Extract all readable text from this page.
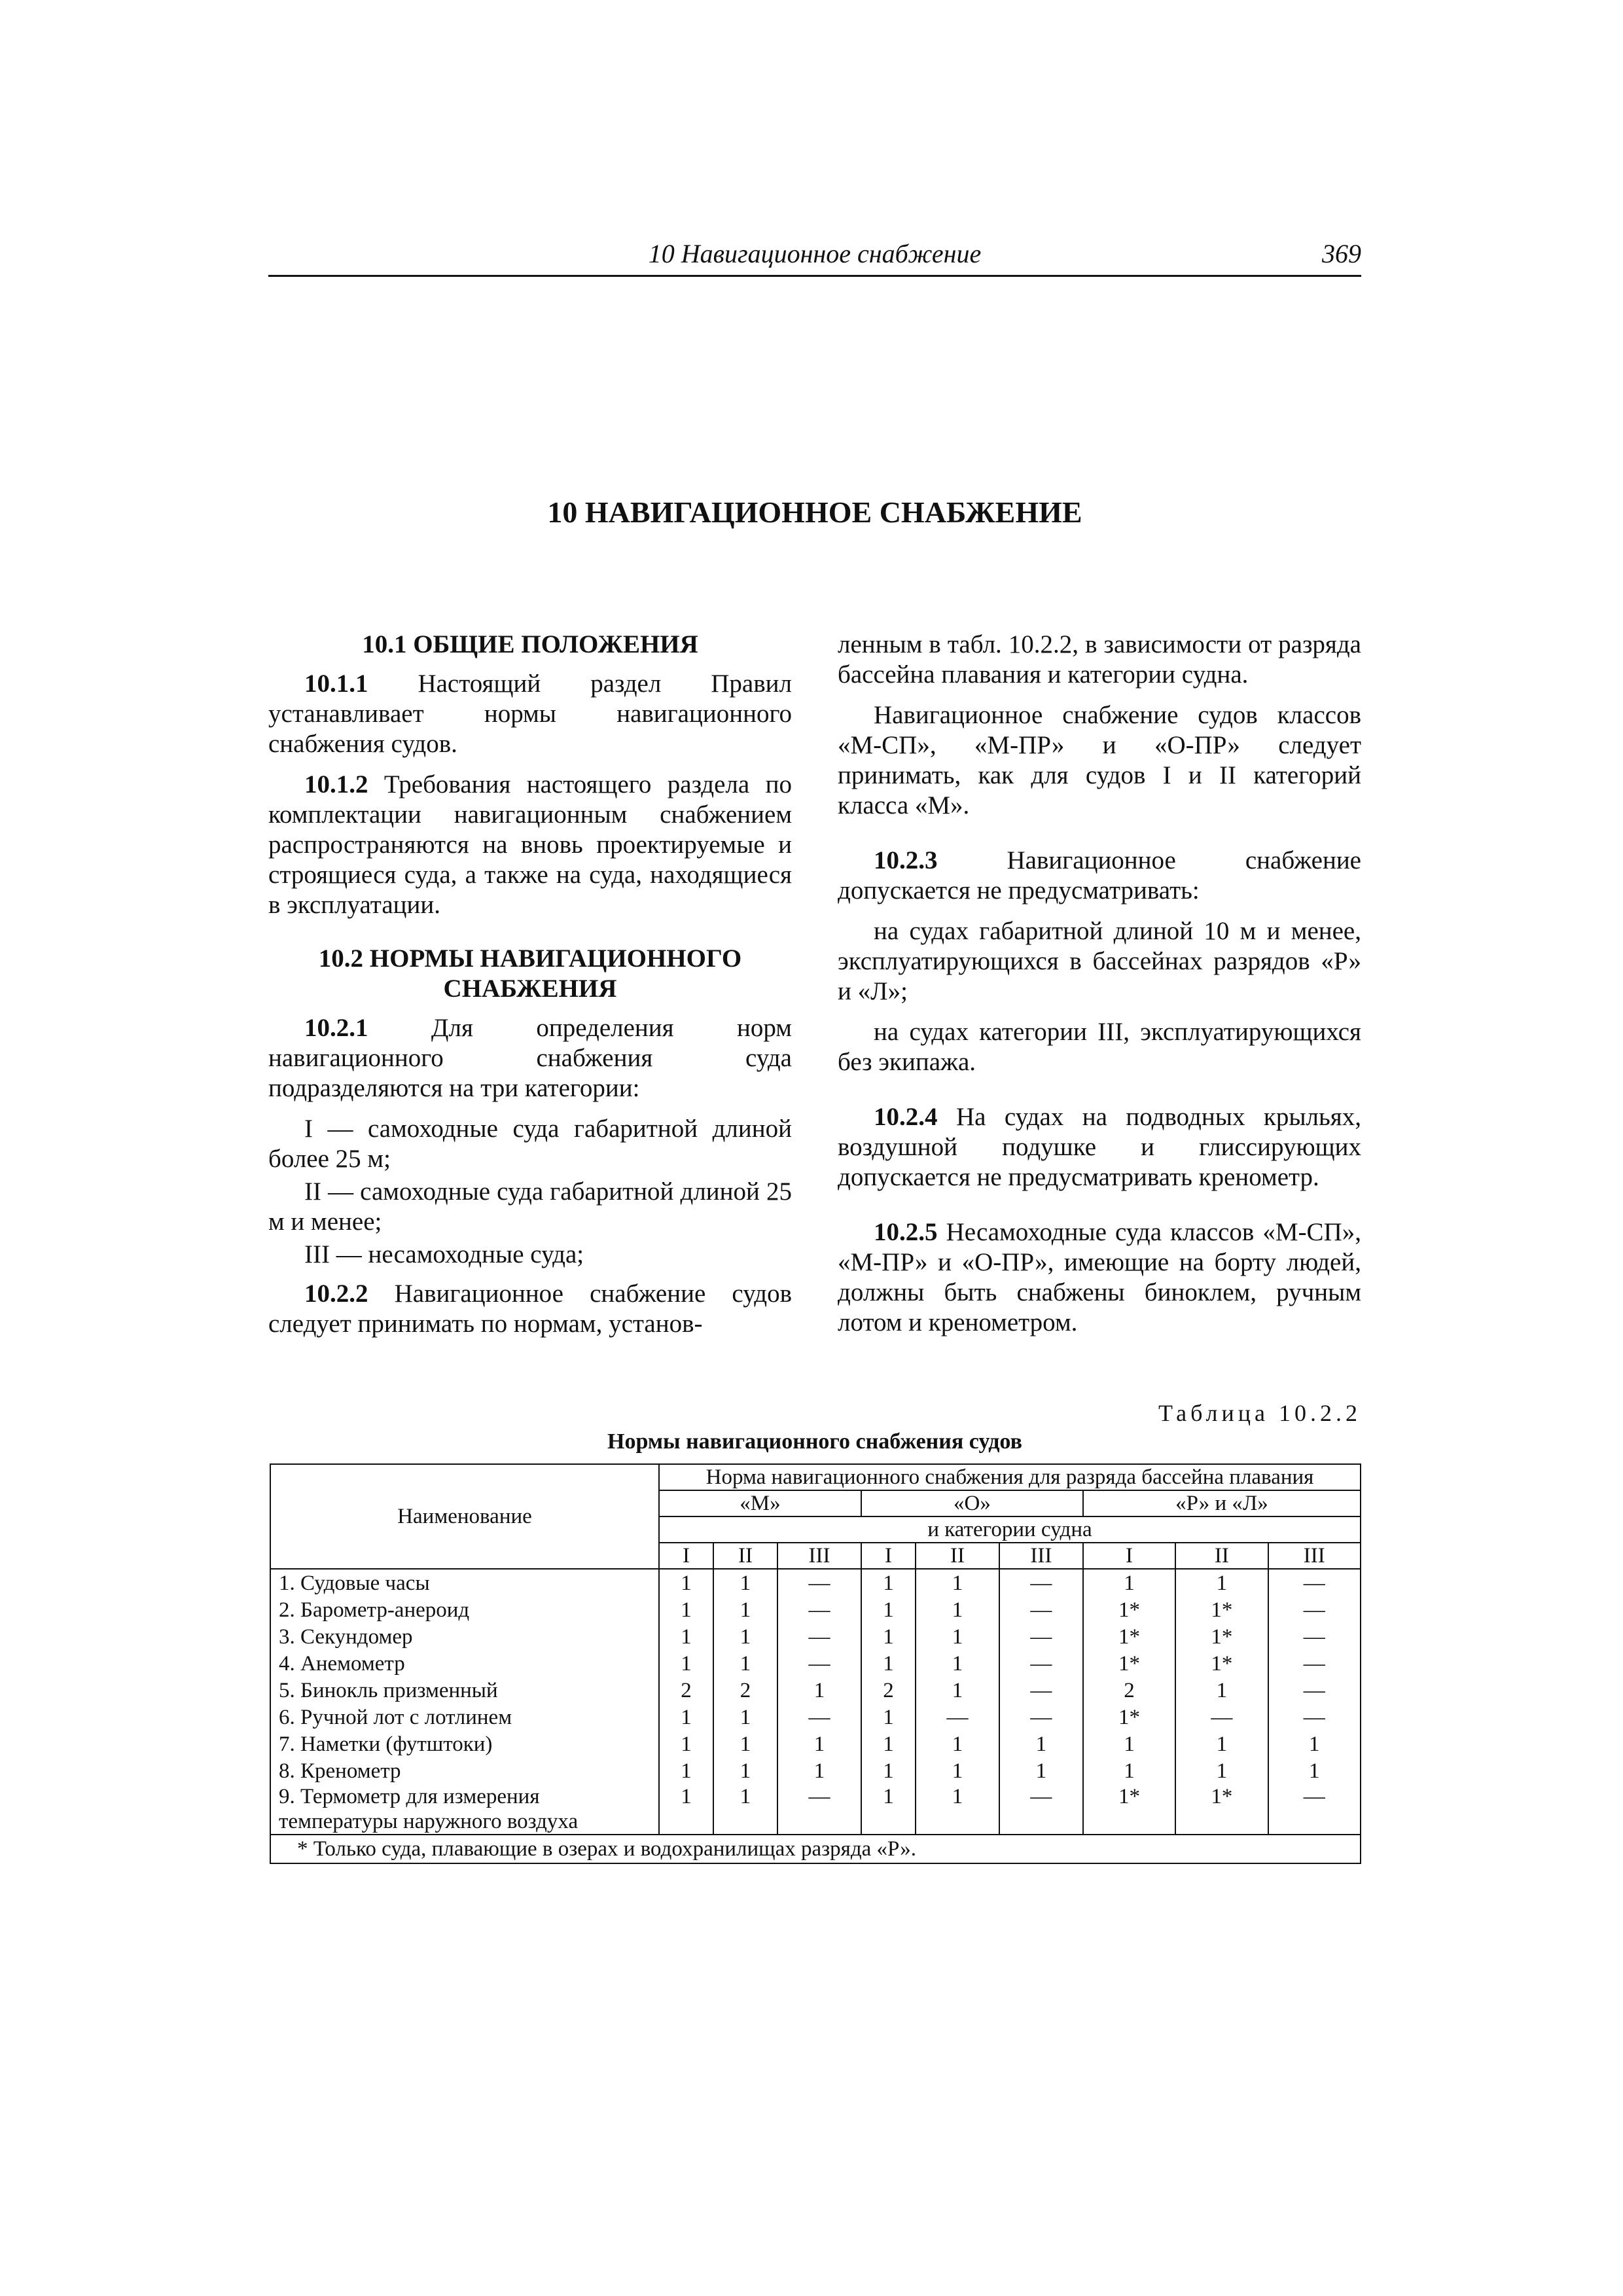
10 Навигационное снабжение	369
10 НАВИГАЦИОННОЕ СНАБЖЕНИЕ
10.1 ОБЩИЕ ПОЛОЖЕНИЯ

10.1.1 Настоящий раздел Правил устанавливает нормы навигационного снабжения судов.

10.1.2 Требования настоящего раздела по комплектации навигационным снабжением распространяются на вновь проектируемые и строящиеся суда, а также на суда, находящиеся в эксплуатации.

10.2 НОРМЫ НАВИГАЦИОННОГО СНАБЖЕНИЯ

10.2.1 Для определения норм навигационного снабжения суда подразделяются на три категории:

I — самоходные суда габаритной длиной более 25 м;

II — самоходные суда габаритной длиной 25 м и менее;

III — несамоходные суда;

10.2.2 Навигационное снабжение судов следует принимать по нормам, установ-

ленным в табл. 10.2.2, в зависимости от разряда бассейна плавания и категории судна.

Навигационное снабжение судов классов «М-СП», «М-ПР» и «О-ПР» следует принимать, как для судов I и II категорий класса «М».

10.2.3 Навигационное снабжение допускается не предусматривать:

на судах габаритной длиной 10 м и менее, эксплуатирующихся в бассейнах разрядов «Р» и «Л»;

на судах категории III, эксплуатирующихся без экипажа.

10.2.4 На судах на подводных крыльях, воздушной подушке и глиссирующих допускается не предусматривать кренометр.

10.2.5 Несамоходные суда классов «М-СП», «М-ПР» и «О-ПР», имеющие на борту людей, должны быть снабжены биноклем, ручным лотом и кренометром.

Таблица 10.2.2
Нормы навигационного снабжения судов
Наименование	Норма навигационного снабжения для разряда бассейна плавания								
	«М»			«О»			«Р» и «Л»		
	и категории судна								
	I	II	III	I	II	III	I	II	III
1. Судовые часы	1	1	—	1	1	—	1	1	—
2. Барометр-анероид	1	1	—	1	1	—	1*	1*	—
3. Секундомер	1	1	—	1	1	—	1*	1*	—
4. Анемометр	1	1	—	1	1	—	1*	1*	—
5. Бинокль призменный	2	2	1	2	1	—	2	1	—
6. Ручной лот с лотлинем	1	1	—	1	—	—	1*	—	—
7. Наметки (футштоки)	1	1	1	1	1	1	1	1	1
8. Кренометр	1	1	1	1	1	1	1	1	1
9. Термометр для измерения температуры наружного воздуха	1	1	—	1	1	—	1*	1*	—
* Только суда, плавающие в озерах и водохранилищах разряда «Р».									
